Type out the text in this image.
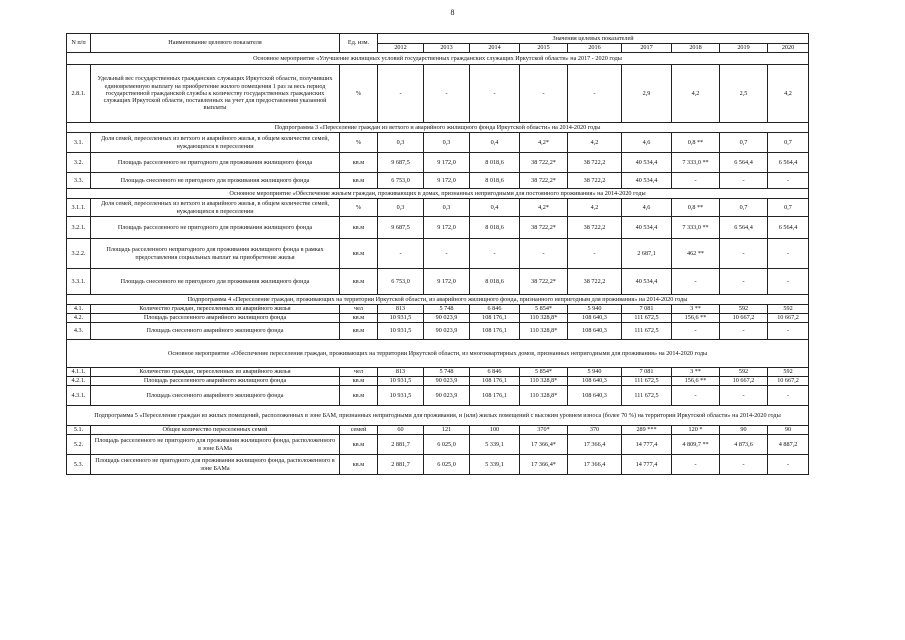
8
N п/п	Наименование целевого показателя	Ед. изм.	Значения целевых показателей								
			2012	2013	2014	2015	2016	2017	2018	2019	2020
Основное мероприятие «Улучшение жилищных условий государственных гражданских служащих Иркутской области» на 2017 - 2020 годы											
2.8.1.	Удельный вес государственных гражданских служащих Иркутской области, получивших единовременную выплату на приобретение жилого помещения 1 раз за весь период государственной гражданской службы к количеству государственных гражданских служащих Иркутской области, поставленных на учет для предоставления указанной выплаты	%	-	-	-	-	-	2,9	4,2	2,5	4,2
Подпрограмма 3 «Переселение граждан из ветхого и аварийного жилищного фонда Иркутской области» на 2014-2020 годы											
3.1.	Доля семей, переселенных из ветхого и аварийного жилья, в общем количестве семей, нуждающихся в переселении	%	0,3	0,3	0,4	4,2*	4,2	4,6	0,8 **	0,7	0,7
3.2.	Площадь расселенного не пригодного для проживания жилищного фонда	кв.м	9 687,5	9 172,0	8 018,6	38 722,2*	38 722,2	40 534,4	7 333,0 **	6 564,4	6 564,4
3.3.	Площадь снесенного не пригодного для проживания жилищного фонда	кв.м	6 753,0	9 172,0	8 018,6	38 722,2*	38 722,2	40 534,4	-	-	-
Основное мероприятие «Обеспечение жильем граждан, проживающих в домах, признанных непригодными для постоянного проживания» на 2014-2020 годы											
3.1.1.	Доля семей, переселенных из ветхого и аварийного жилья, в общем количестве семей, нуждающихся в переселении	%	0,3	0,3	0,4	4,2*	4,2	4,6	0,8 **	0,7	0,7
3.2.1.	Площадь расселенного не пригодного для проживания жилищного фонда	кв.м	9 687,5	9 172,0	8 018,6	38 722,2*	38 722,2	40 534,4	7 333,0 **	6 564,4	6 564,4
3.2.2.	Площадь расселенного непригодного для проживания жилищного фонда в рамках предоставления социальных выплат на приобретение жилья	кв.м	-	-	-	-	-	2 687,1	462 **	-	-
3.3.1.	Площадь снесенного не пригодного для проживания жилищного фонда	кв.м	6 753,0	9 172,0	8 018,6	38 722,2*	38 722,2	40 534,4	-	-	-
Подпрограмма 4 «Переселение граждан, проживающих на территории Иркутской области, из аварийного жилищного фонда, признанного непригодным для проживания» на 2014-2020 годы											
4.1.	Количество граждан, переселенных из аварийного жилья	чел	813	5 748	6 846	5 854*	5 940	7 081	3 **	592	592
4.2.	Площадь расселенного аварийного жилищного фонда	кв.м	10 931,5	90 023,9	108 176,1	110 328,8*	108 640,3	111 672,5	156,6 **	10 667,2	10 667,2
4.3.	Площадь снесенного аварийного жилищного фонда	кв.м	10 931,5	90 023,9	108 176,1	110 328,8*	108 640,3	111 672,5	-	-	-
Основное мероприятие «Обеспечение переселения граждан, проживающих на территории Иркутской области, из многоквартирных домов, признанных непригодными для проживания» на 2014-2020 годы											
4.1.1.	Количество граждан, переселенных из аварийного жилья	чел	813	5 748	6 846	5 854*	5 940	7 081	3 **	592	592
4.2.1.	Площадь расселенного аварийного жилищного фонда	кв.м	10 931,5	90 023,9	108 176,1	110 328,8*	108 640,3	111 672,5	156,6 **	10 667,2	10 667,2
4.3.1.	Площадь снесенного аварийного жилищного фонда	кв.м	10 931,5	90 023,9	108 176,1	110 328,8*	108 640,3	111 672,5	-	-	-
Подпрограмма 5 «Переселение граждан из жилых помещений, расположенных в зоне БАМ, признанных непригодными для проживания, и (или) жилых помещений с высоким уровнем износа (более 70 %) на территории Иркутской области» на 2014-2020 годы											
5.1.	Общее количество переселенных семей	семей	60	121	100	370*	370	289 ***	120 *	90	90
5.2.	Площадь расселенного не пригодного для проживания жилищного фонда, расположенного в зоне БАМа	кв.м	2 881,7	6 025,0	5 339,1	17 366,4*	17 366,4	14 777,4	4 809,7 **	4 873,6	4 887,2
5.3.	Площадь снесенного не пригодного для проживания жилищного фонда, расположенного в зоне БАМа	кв.м	2 881,7	6 025,0	5 339,1	17 366,4*	17 366,4	14 777,4	-	-	-
